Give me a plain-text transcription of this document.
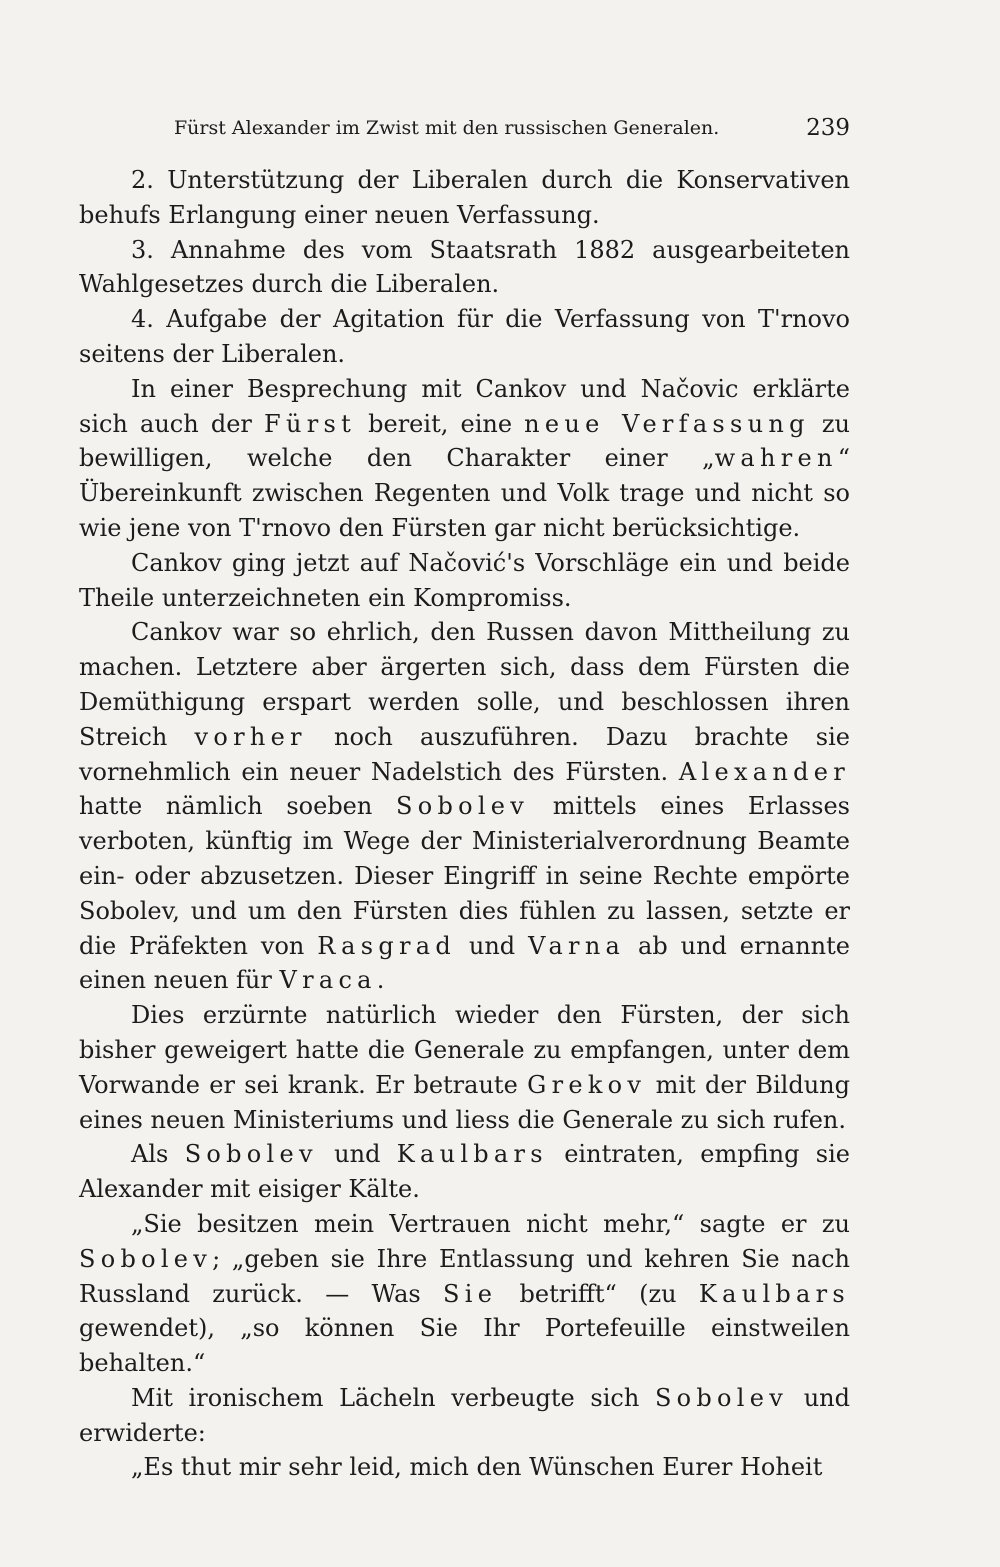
Fürst Alexander im Zwist mit den russischen Generalen.	239

2. Unterstützung der Liberalen durch die Konservativen behufs Erlangung einer neuen Verfassung.

3. Annahme des vom Staatsrath 1882 ausgearbeiteten Wahlgesetzes durch die Liberalen.

4. Aufgabe der Agitation für die Verfassung von T'rnovo seitens der Liberalen.

In einer Besprechung mit Cankov und Načovic erklärte sich auch der Fürst bereit, eine neue Verfassung zu bewilligen, welche den Charakter einer „wahren“ Übereinkunft zwischen Regenten und Volk trage und nicht so wie jene von T'rnovo den Fürsten gar nicht berücksichtige.

Cankov ging jetzt auf Načović's Vorschläge ein und beide Theile unterzeichneten ein Kompromiss.

Cankov war so ehrlich, den Russen davon Mittheilung zu machen. Letztere aber ärgerten sich, dass dem Fürsten die Demüthigung erspart werden solle, und beschlossen ihren Streich vorher noch auszuführen. Dazu brachte sie vornehmlich ein neuer Nadelstich des Fürsten. Alexander hatte nämlich soeben Sobolev mittels eines Erlasses verboten, künftig im Wege der Ministerialverordnung Beamte ein- oder abzusetzen. Dieser Eingriff in seine Rechte empörte Sobolev, und um den Fürsten dies fühlen zu lassen, setzte er die Präfekten von Rasgrad und Varna ab und ernannte einen neuen für Vraca.

Dies erzürnte natürlich wieder den Fürsten, der sich bisher geweigert hatte die Generale zu empfangen, unter dem Vorwande er sei krank. Er betraute Grekov mit der Bildung eines neuen Ministeriums und liess die Generale zu sich rufen.

Als Sobolev und Kaulbars eintraten, empfing sie Alexander mit eisiger Kälte.

„Sie besitzen mein Vertrauen nicht mehr,“ sagte er zu Sobolev; „geben sie Ihre Entlassung und kehren Sie nach Russland zurück. — Was Sie betrifft“ (zu Kaulbars gewendet), „so können Sie Ihr Portefeuille einstweilen behalten.“

Mit ironischem Lächeln verbeugte sich Sobolev und erwiderte:

„Es thut mir sehr leid, mich den Wünschen Eurer Hoheit
